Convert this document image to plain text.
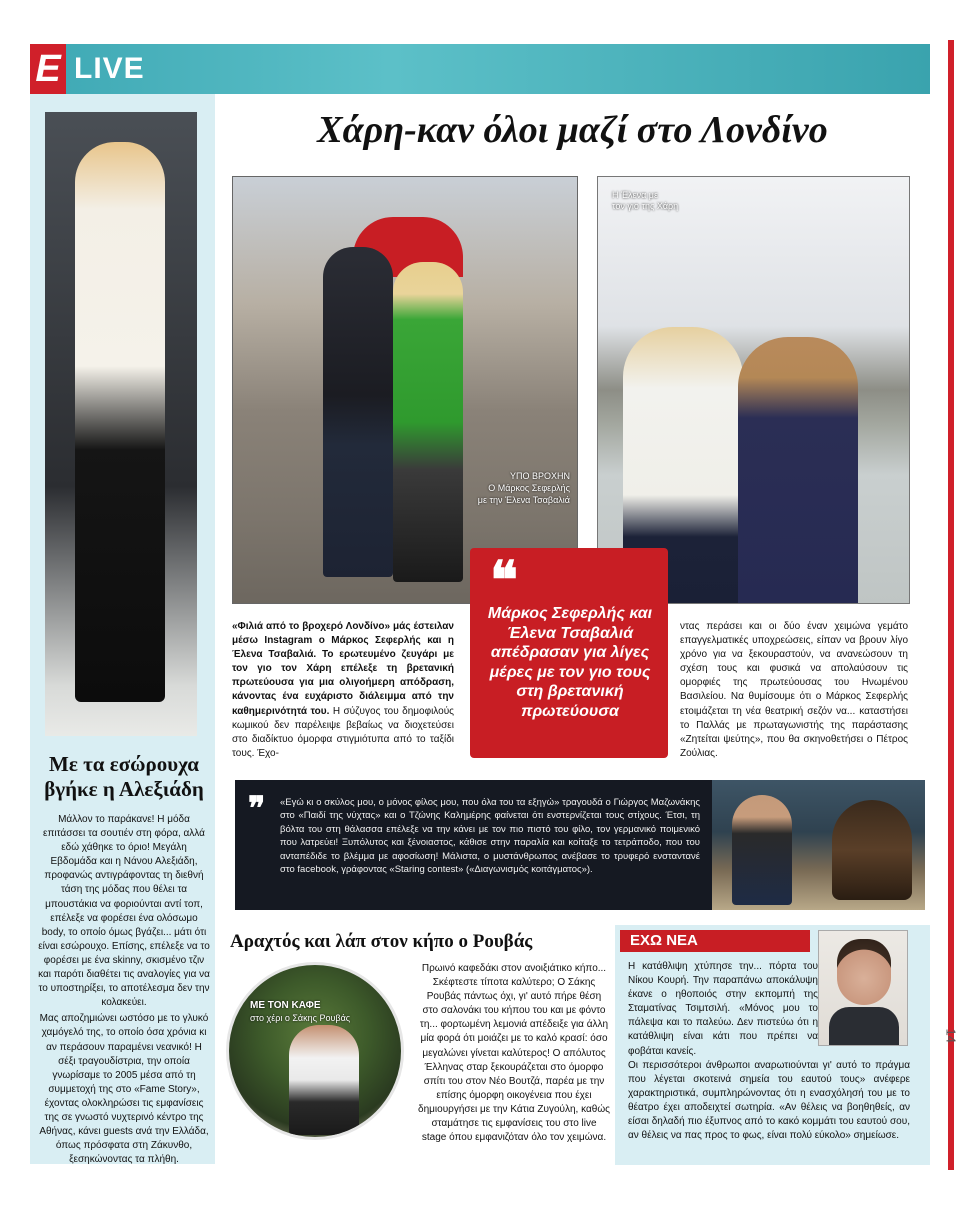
E LIVE
14
Με τα εσώρουχα βγήκε η Αλεξιάδη

Μάλλον το παράκανε! Η μόδα επιτάσσει τα σουτιέν στη φόρα, αλλά εδώ χάθηκε το όριο! Μεγάλη Εβδομάδα και η Νάνου Αλεξιάδη, προφανώς αντιγράφοντας τη διεθνή τάση της μόδας που θέλει τα μπουστάκια να φοριούνται αντί τοπ, επέλεξε να φορέσει ένα ολόσωμο body, το οποίο όμως βγάζει... μάτι ότι είναι εσώρουχο. Επίσης, επέλεξε να το φορέσει με ένα skinny, σκισμένο τζιν και παρότι διαθέτει τις αναλογίες για να το υποστηρίξει, το αποτέλεσμα δεν την κολακεύει.

Μας αποζημιώνει ωστόσο με το γλυκό χαμόγελό της, το οποίο όσα χρόνια κι αν περάσουν παραμένει νεανικό! Η σέξι τραγουδίστρια, την οποία γνωρίσαμε το 2005 μέσα από τη συμμετοχή της στο «Fame Story», έχοντας ολοκληρώσει τις εμφανίσεις της σε γνωστό νυχτερινό κέντρο της Αθήνας, κάνει guests ανά την Ελλάδα, όπως πρόσφατα στη Ζάκυνθο, ξεσηκώνοντας τα πλήθη.

Χάρη-καν όλοι μαζί στο Λονδίνο
ΥΠΟ ΒΡΟΧΗΝ
Ο Μάρκος Σεφερλής
με την Έλενα Τσαβαλιά
Η Έλενα με
τον γιο της Χάρη
❝
Μάρκος Σεφερλής και Έλενα Τσαβαλιά απέδρασαν για λίγες μέρες με τον γιο τους στη βρετανική πρωτεύουσα
«Φιλιά από το βροχερό Λονδίνο» μάς έστειλαν μέσω Instagram ο Μάρκος Σεφερλής και η Έλενα Τσαβαλιά. Το ερωτευμένο ζευγάρι με τον γιο τον Χάρη επέλεξε τη βρετανική πρωτεύουσα για μια ολιγοήμερη απόδραση, κάνοντας ένα ευχάριστο διάλειμμα από την καθημερινότητά του. Η σύζυγος του δημοφιλούς κωμικού δεν παρέλειψε βεβαίως να διοχετεύσει στο διαδίκτυο όμορφα στιγμιότυπα από το ταξίδι τους. Έχο-
ντας περάσει και οι δύο έναν χειμώνα γεμάτο επαγγελματικές υποχρεώσεις, είπαν να βρουν λίγο χρόνο για να ξεκουραστούν, να ανανεώσουν τη σχέση τους και φυσικά να απολαύσουν τις ομορφιές της πρωτεύουσας του Ηνωμένου Βασιλείου. Να θυμίσουμε ότι ο Μάρκος Σεφερλής ετοιμάζεται τη νέα θεατρική σεζόν να... καταστήσει το Παλλάς με πρωταγωνιστής της παράστασης «Ζητείται ψεύτης», που θα σκηνοθετήσει ο Πέτρος Ζούλιας.
❞ «Εγώ κι ο σκύλος μου, ο μόνος φίλος μου, που όλα του τα εξηγώ» τραγουδά ο Γιώργος Μαζωνάκης στο «Παιδί της νύχτας» και ο Τζώνης Καλημέρης φαίνεται ότι ενστερνίζεται τους στίχους. Έτσι, τη βόλτα του στη θάλασσα επέλεξε να την κάνει με τον πιο πιστό του φίλο, τον γερμανικό ποιμενικό που λατρεύει! Ξυπόλυτος και ξένοιαστος, κάθισε στην παραλία και κοίταξε το τετράποδο, που του ανταπέδιδε το βλέμμα με αφοσίωση! Μάλιστα, ο μυστάνθρωπος ανέβασε το τρυφερό ενσταντανέ στο facebook, γράφοντας «Staring contest» («Διαγωνισμός κοιτάγματος»).
Αραχτός και λάπ στον κήπο ο Ρουβάς
ΜΕ ΤΟΝ ΚΑΦΕ
στο χέρι ο Σάκης Ρουβάς
Πρωινό καφεδάκι στον ανοιξιάτικο κήπο... Σκέφτεστε τίποτα καλύτερο; Ο Σάκης Ρουβάς πάντως όχι, γι' αυτό πήρε θέση στο σαλονάκι του κήπου του και με φόντο τη... φορτωμένη λεμονιά απέδειξε για άλλη μία φορά ότι μοιάζει με το καλό κρασί: όσο μεγαλώνει γίνεται καλύτερος! Ο απόλυτος Έλληνας σταρ ξεκουράζεται στο όμορφο σπίτι του στον Νέο Βουτζά, παρέα με την επίσης όμορφη οικογένεια που έχει δημιουργήσει με την Κάτια Ζυγούλη, καθώς σταμάτησε τις εμφανίσεις του στο live stage όπου εμφανιζόταν όλο τον χειμώνα.
ΕΧΩ ΝΕΑ
Η κατάθλιψη χτύπησε την... πόρτα του Νίκου Κουρή. Την παραπάνω αποκάλυψη έκανε ο ηθοποιός στην εκπομπή της Σταματίνας Τσιμτσιλή. «Μόνος μου το πάλεψα και το παλεύω. Δεν πιστεύω ότι η κατάθλιψη είναι κάτι που πρέπει να φοβάται κανείς.
Οι περισσότεροι άνθρωποι αναρωτιούνται γι' αυτό το πράγμα που λέγεται σκοτεινά σημεία του εαυτού τους» ανέφερε χαρακτηριστικά, συμπληρώνοντας ότι η ενασχόλησή του με το θέατρο έχει αποδειχτεί σωτηρία. «Αν θέλεις να βοηθηθείς, αν είσαι δηλαδή πιο έξυπνος από το κακό κομμάτι του εαυτού σου, αν θέλεις να πας προς το φως, είναι πολύ εύκολο» σημείωσε.
